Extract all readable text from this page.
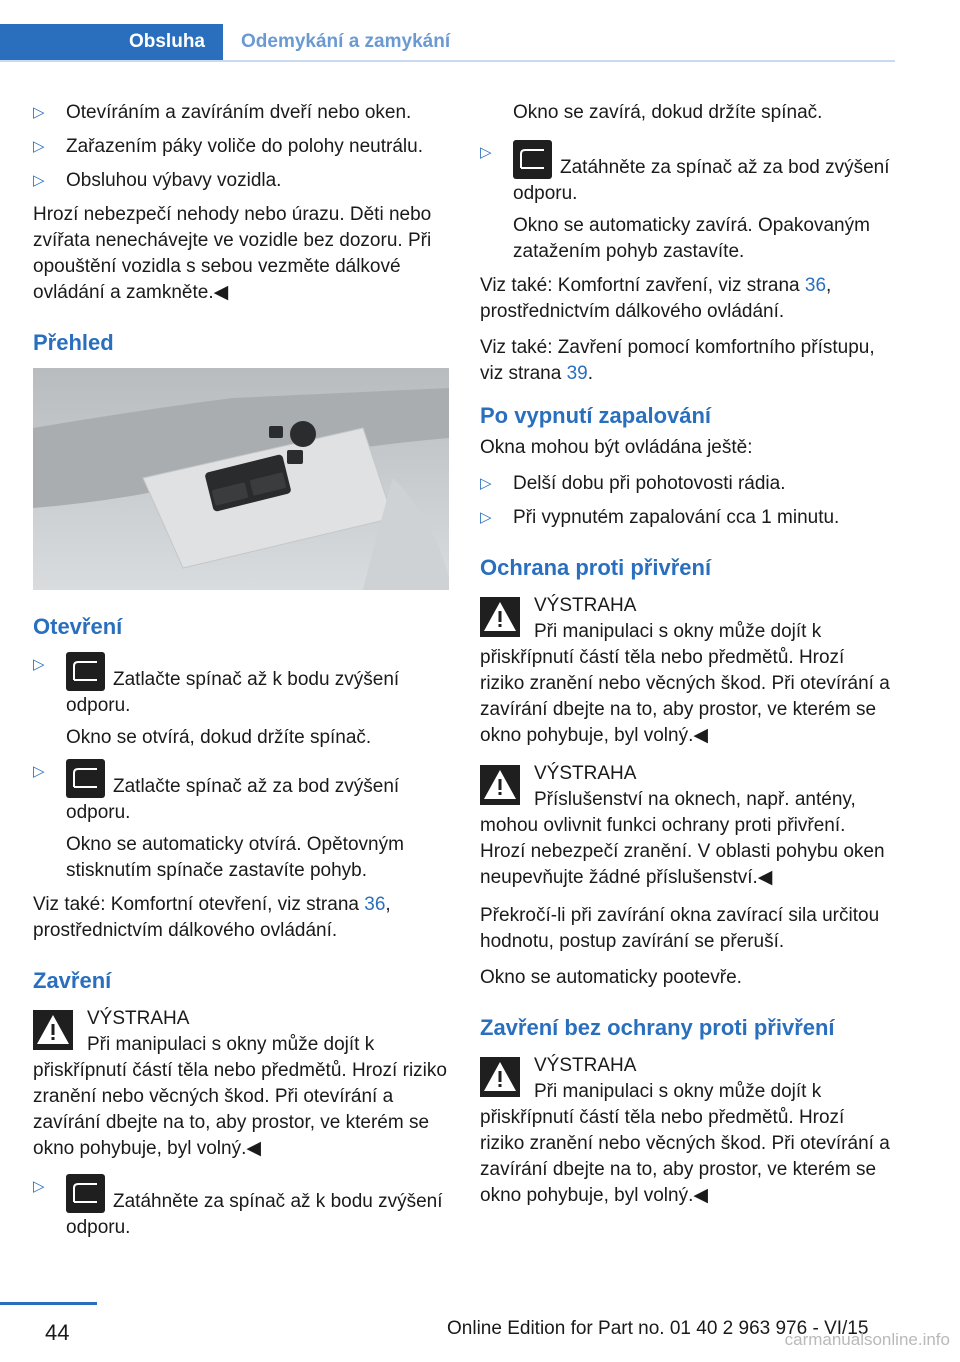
Obsluha Odemykání a zamykání
▷ Otevíráním a zavíráním dveří nebo oken.
▷ Zařazením páky voliče do polohy neutrálu.
▷ Obsluhou výbavy vozidla.

Hrozí nebezpečí nehody nebo úrazu. Děti nebo zvířata nenechávejte ve vozidle bez dozoru. Při opouštění vozidla s sebou vezměte dálkové ovládání a zamkněte.◀

Přehled
Otevření
▷
Zatlačte spínač až k bodu zvýšení odporu.
Okno se otvírá, dokud držíte spínač.
▷
Zatlačte spínač až za bod zvýšení odporu.
Okno se automaticky otvírá. Opětovným stisknutím spínače zastavíte pohyb.

Viz také: Komfortní otevření, viz strana 36, prostřednictvím dálkového ovládání.

Zavření
VÝSTRAHA
Při manipulaci s okny může dojít k přiskřípnutí částí těla nebo předmětů. Hrozí riziko zranění nebo věcných škod. Při otevírání a zavírání dbejte na to, aby prostor, ve kterém se okno pohybuje, byl volný.◀
▷
Zatáhněte za spínač až k bodu zvýšení odporu.
Okno se zavírá, dokud držíte spínač.
▷
Zatáhněte za spínač až za bod zvýšení odporu.
Okno se automaticky zavírá. Opakovaným zatažením pohyb zastavíte.

Viz také: Komfortní zavření, viz strana 36, prostřednictvím dálkového ovládání.

Viz také: Zavření pomocí komfortního přístupu, viz strana 39.

Po vypnutí zapalování

Okna mohou být ovládána ještě:

▷ Delší dobu při pohotovosti rádia.
▷ Při vypnutém zapalování cca 1 minutu.
Ochrana proti přivření
VÝSTRAHA
Při manipulaci s okny může dojít k přiskřípnutí částí těla nebo předmětů. Hrozí riziko zranění nebo věcných škod. Při otevírání a zavírání dbejte na to, aby prostor, ve kterém se okno pohybuje, byl volný.◀
VÝSTRAHA
Příslušenství na oknech, např. antény, mohou ovlivnit funkci ochrany proti přivření. Hrozí nebezpečí zranění. V oblasti pohybu oken neupevňujte žádné příslušenství.◀

Překročí-li při zavírání okna zavírací sila určitou hodnotu, postup zavírání se přeruší.

Okno se automaticky pootevře.

Zavření bez ochrany proti přivření
VÝSTRAHA
Při manipulaci s okny může dojít k přiskřípnutí částí těla nebo předmětů. Hrozí riziko zranění nebo věcných škod. Při otevírání a zavírání dbejte na to, aby prostor, ve kterém se okno pohybuje, byl volný.◀
44	Online Edition for Part no. 01 40 2 963 976 - VI/15
carmanualsonline.info
